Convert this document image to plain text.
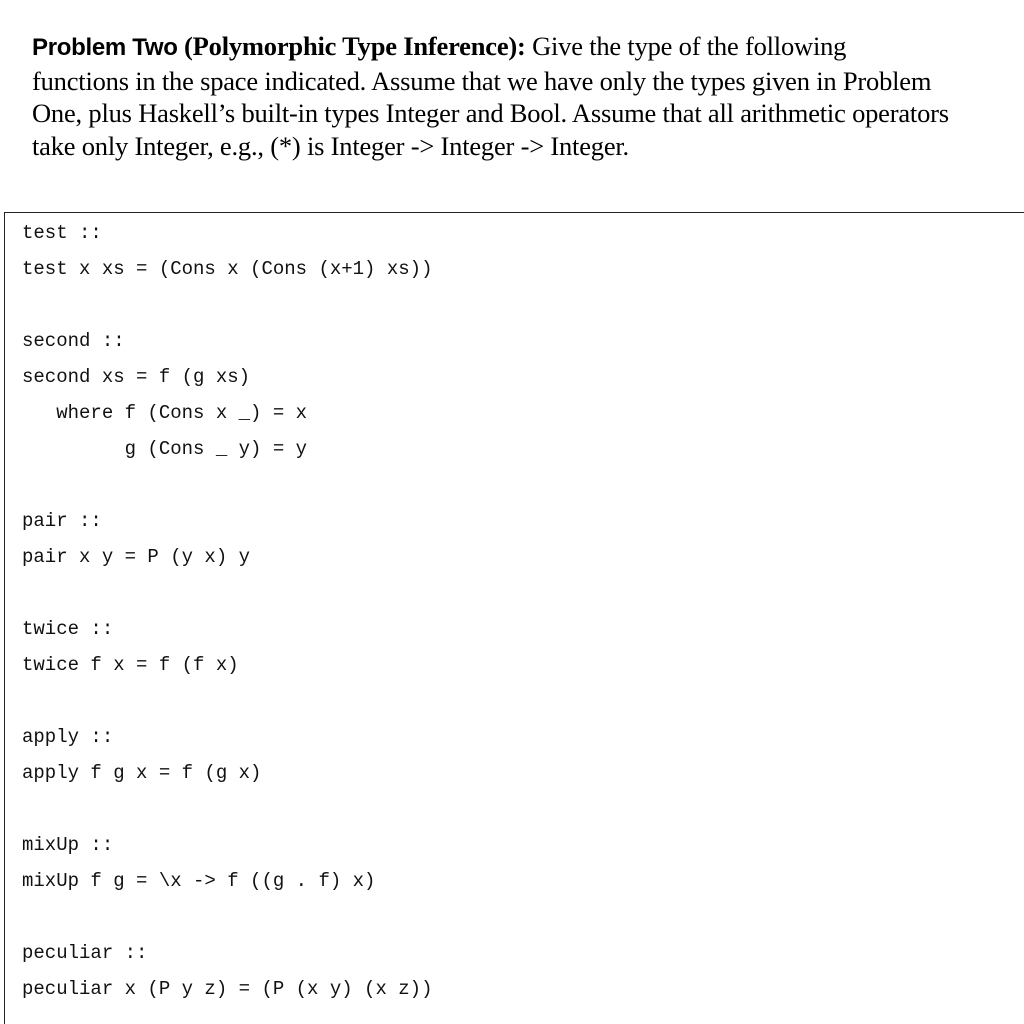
Problem Two (Polymorphic Type Inference): Give the type of the following
functions in the space indicated. Assume that we have only the types given in Problem
One, plus Haskell’s built-in types Integer and Bool. Assume that all arithmetic operators
take only Integer, e.g., (*) is Integer -> Integer -> Integer.
test ::
test x xs = (Cons x (Cons (x+1) xs))
second ::
second xs = f (g xs)
where f (Cons x _) = x
g (Cons _ y) = y
pair ::
pair x y = P (y x) y
twice ::
twice f x = f (f x)
apply ::
apply f g x = f (g x)
mixUp ::
mixUp f g = \x -> f ((g . f) x)
peculiar ::
peculiar x (P y z) = (P (x y) (x z))
